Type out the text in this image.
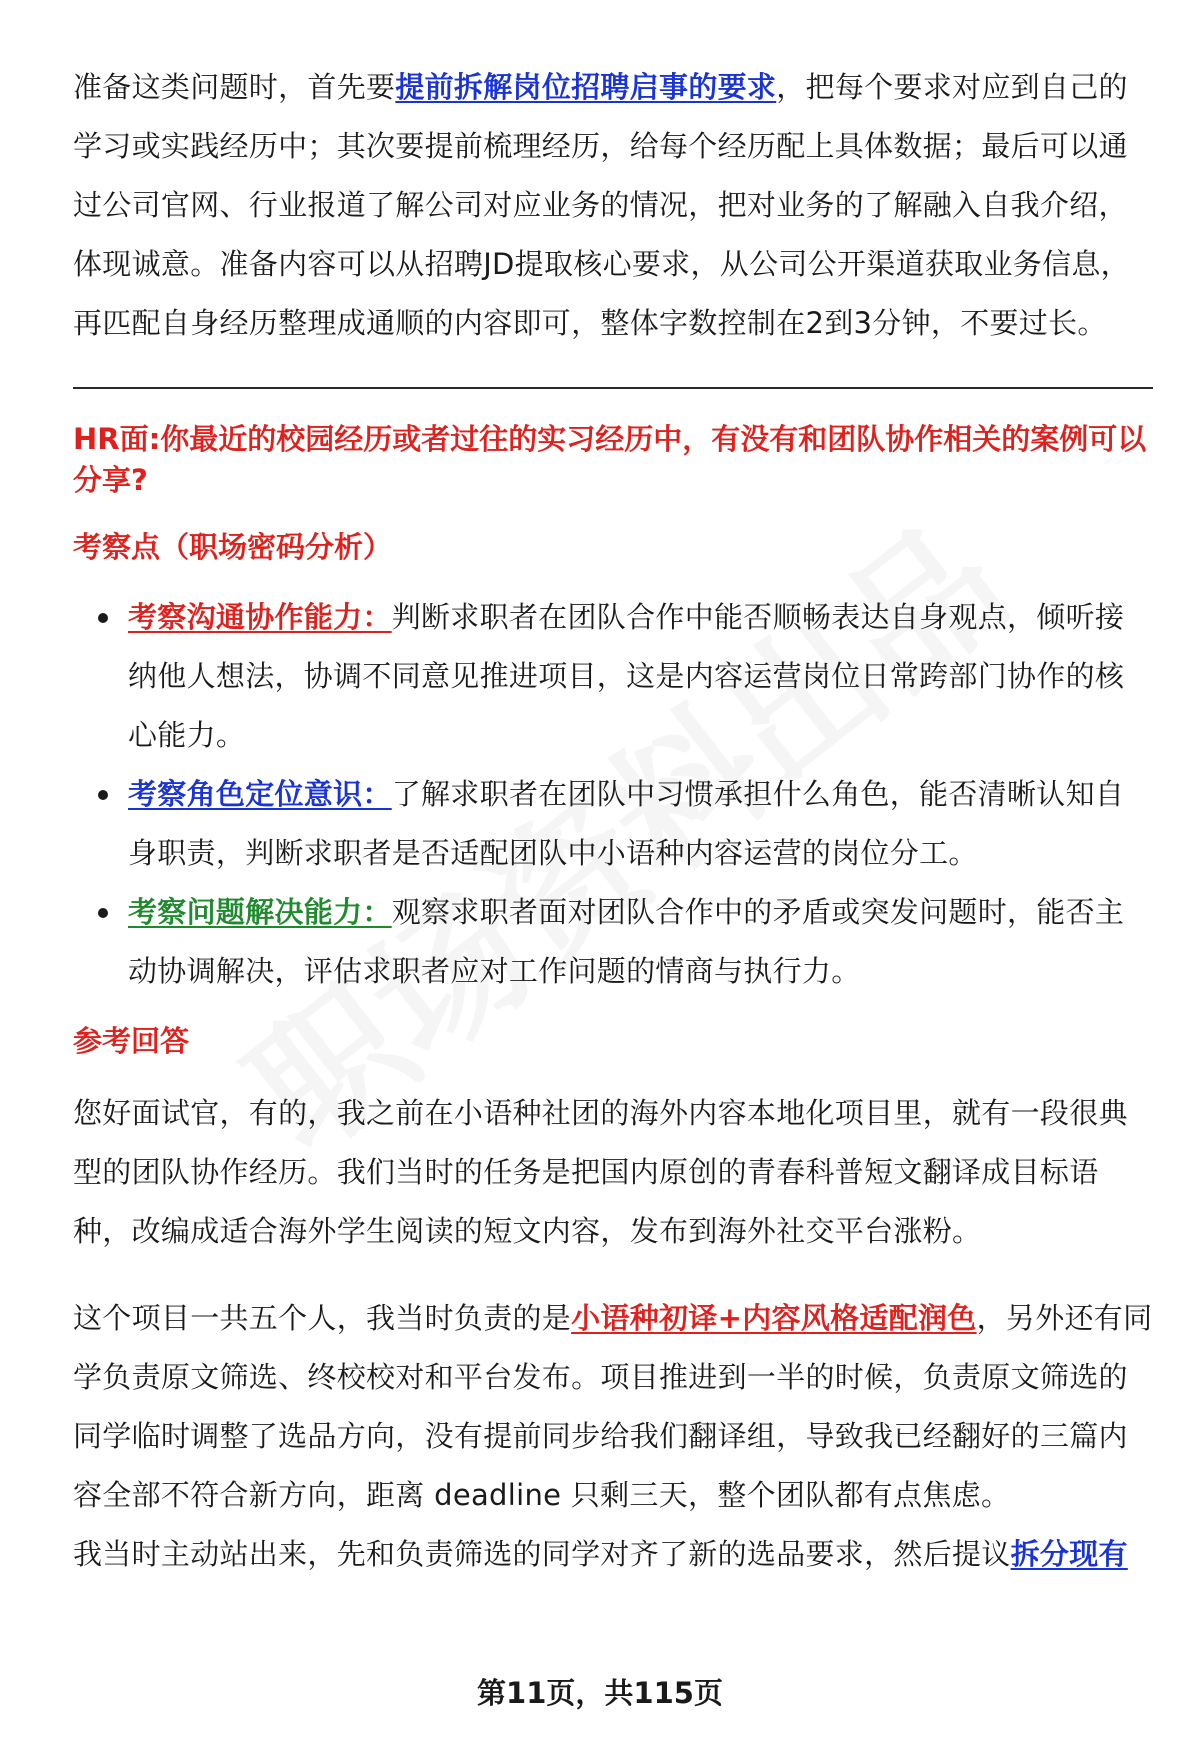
准备这类问题时，首先要提前拆解岗位招聘启事的要求，把每个要求对应到自己的学习或实践经历中；其次要提前梳理经历，给每个经历配上具体数据；最后可以通过公司官网、行业报道了解公司对应业务的情况，把对业务的了解融入自我介绍，体现诚意。准备内容可以从招聘JD提取核心要求，从公司公开渠道获取业务信息，再匹配自身经历整理成通顺的内容即可，整体字数控制在2到3分钟，不要过长。

HR面:你最近的校园经历或者过往的实习经历中，有没有和团队协作相关的案例可以分享?
考察点（职场密码分析）
考察沟通协作能力：判断求职者在团队合作中能否顺畅表达自身观点，倾听接纳他人想法，协调不同意见推进项目，这是内容运营岗位日常跨部门协作的核心能力。
考察角色定位意识：了解求职者在团队中习惯承担什么角色，能否清晰认知自身职责，判断求职者是否适配团队中小语种内容运营的岗位分工。
考察问题解决能力：观察求职者面对团队合作中的矛盾或突发问题时，能否主动协调解决，评估求职者应对工作问题的情商与执行力。
参考回答

您好面试官，有的，我之前在小语种社团的海外内容本地化项目里，就有一段很典型的团队协作经历。我们当时的任务是把国内原创的青春科普短文翻译成目标语种，改编成适合海外学生阅读的短文内容，发布到海外社交平台涨粉。

这个项目一共五个人，我当时负责的是小语种初译+内容风格适配润色，另外还有同学负责原文筛选、终校校对和平台发布。项目推进到一半的时候，负责原文筛选的同学临时调整了选品方向，没有提前同步给我们翻译组，导致我已经翻好的三篇内容全部不符合新方向，距离 deadline 只剩三天，整个团队都有点焦虑。

我当时主动站出来，先和负责筛选的同学对齐了新的选品要求，然后提议拆分现有

第11页，共115页
